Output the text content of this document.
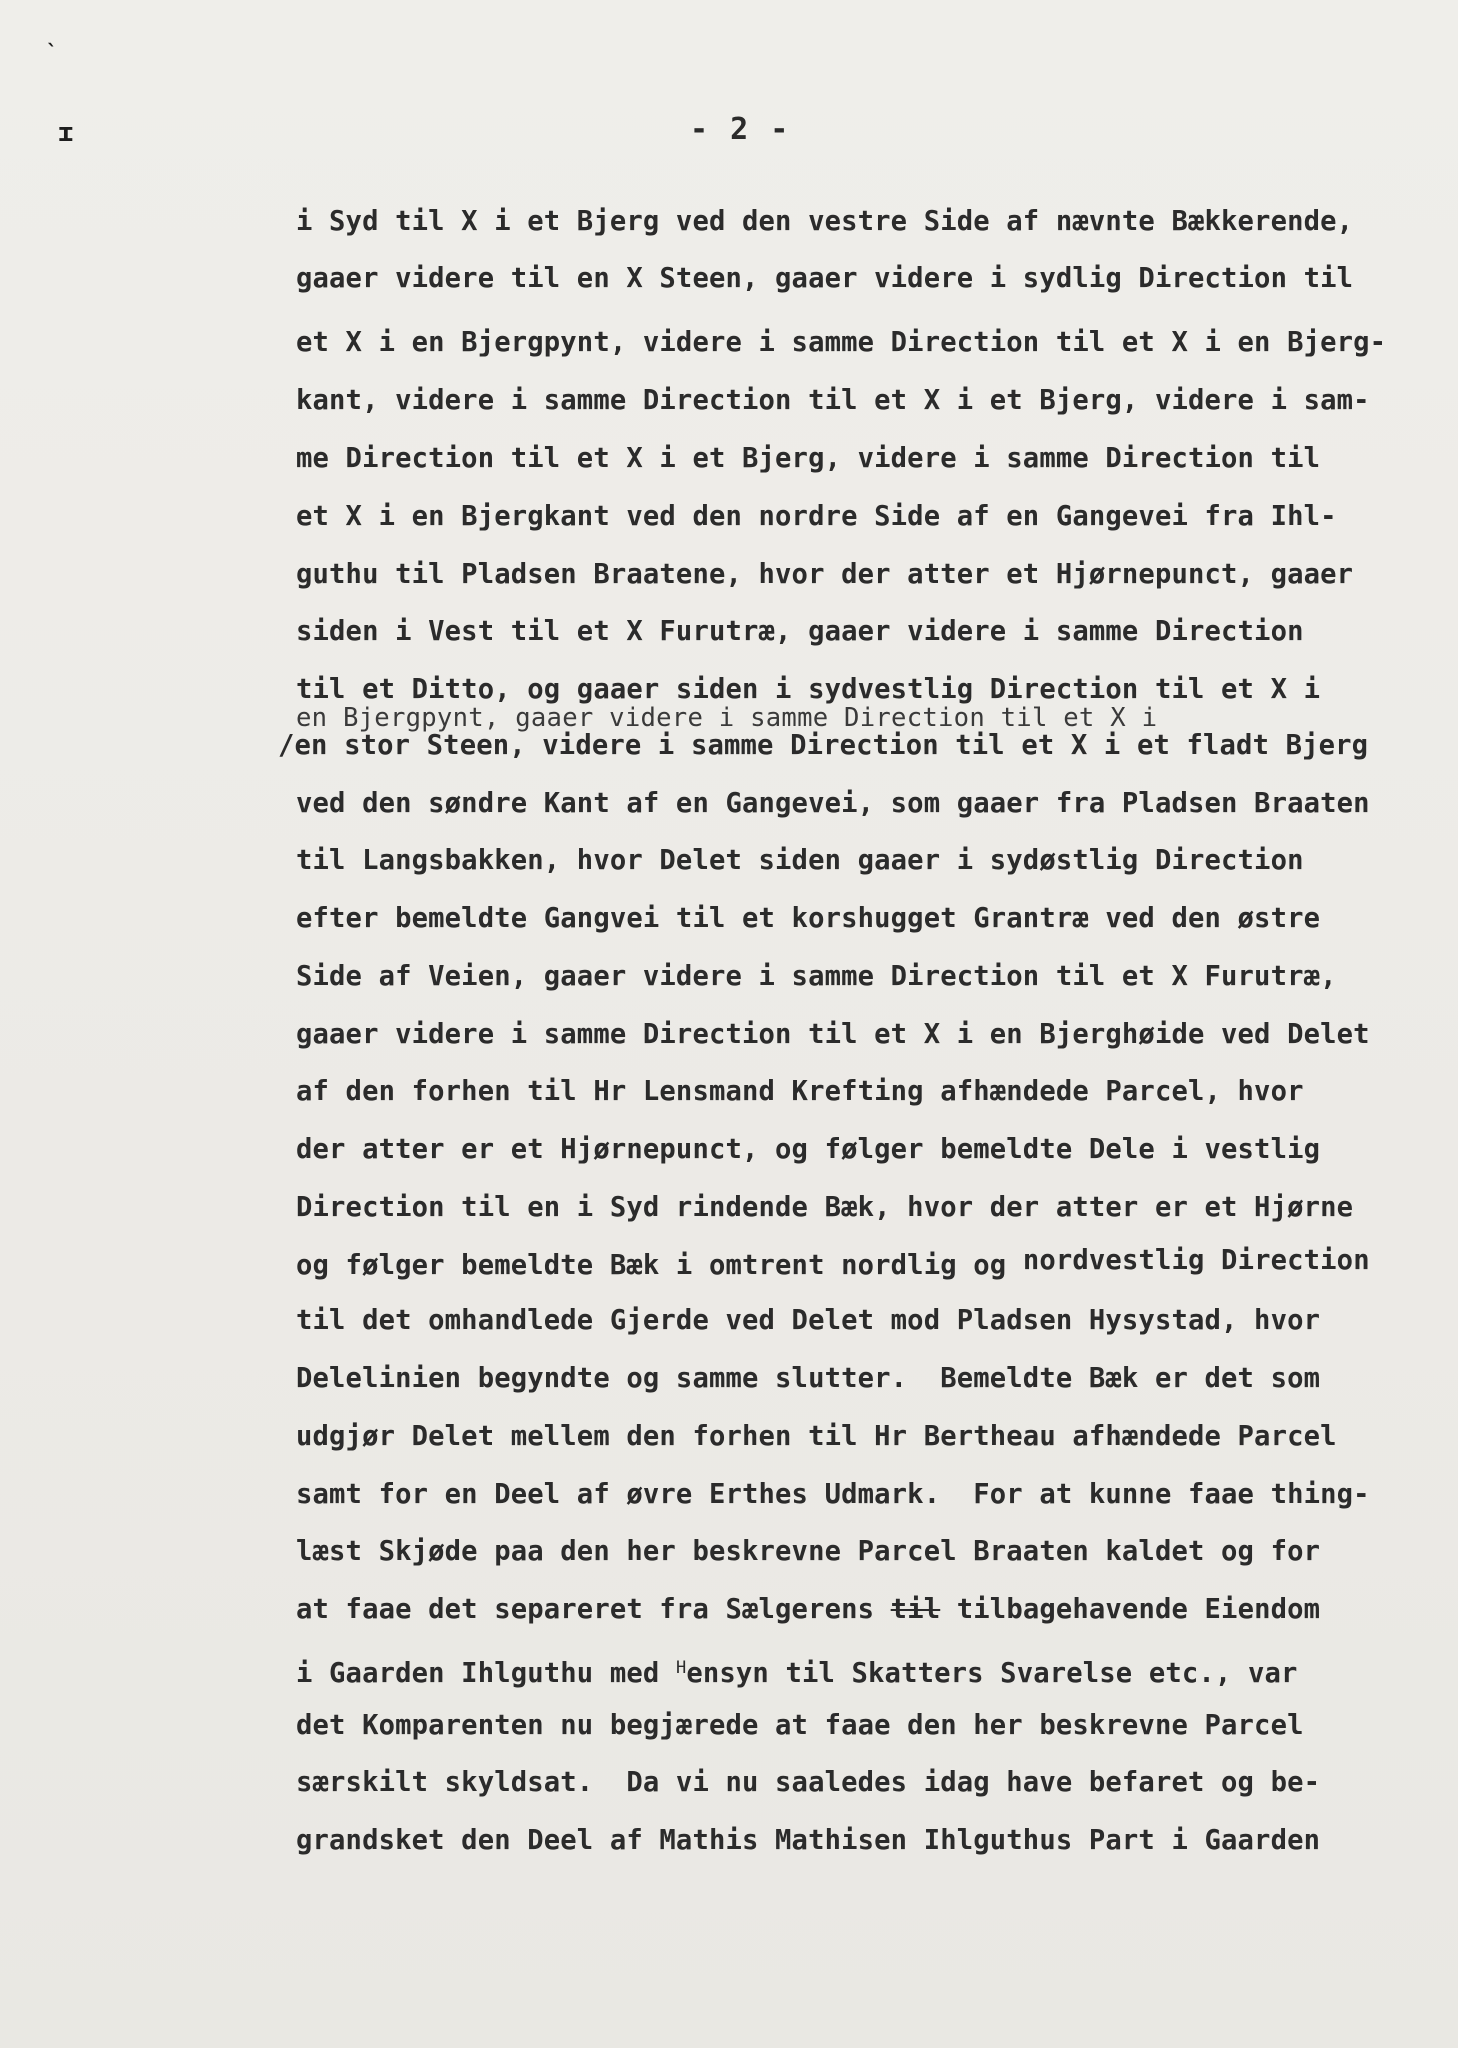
`
ɪ	- 2 -
i Syd til X i et Bjerg ved den vestre Side af nævnte Bækkerende,
gaaer videre til en X Steen, gaaer videre i sydlig Direction til
et X i en Bjergpynt, videre i samme Direction til et X i en Bjerg-
kant, videre i samme Direction til et X i et Bjerg, videre i sam-
me Direction til et X i et Bjerg, videre i samme Direction til
et X i en Bjergkant ved den nordre Side af en Gangevei fra Ihl-
guthu til Pladsen Braatene, hvor der atter et Hjørnepunct, gaaer
siden i Vest til et X Furutræ, gaaer videre i samme Direction
til et Ditto, og gaaer siden i sydvestlig Direction til et X i
en Bjergpynt, gaaer videre i samme Direction til et X i
/en stor Steen, videre i samme Direction til et X i et fladt Bjerg
ved den søndre Kant af en Gangevei, som gaaer fra Pladsen Braaten
til Langsbakken, hvor Delet siden gaaer i sydøstlig Direction
efter bemeldte Gangvei til et korshugget Grantræ ved den østre
Side af Veien, gaaer videre i samme Direction til et X Furutræ,
gaaer videre i samme Direction til et X i en Bjerghøide ved Delet
af den forhen til Hr Lensmand Krefting afhændede Parcel, hvor
der atter er et Hjørnepunct, og følger bemeldte Dele i vestlig
Direction til en i Syd rindende Bæk, hvor der atter er et Hjørne
og følger bemeldte Bæk i omtrent nordlig og nordvestlig Direction
til det omhandlede Gjerde ved Delet mod Pladsen Hysystad, hvor
Delelinien begyndte og samme slutter.  Bemeldte Bæk er det som
udgjør Delet mellem den forhen til Hr Bertheau afhændede Parcel
samt for en Deel af øvre Erthes Udmark.  For at kunne faae thing-
læst Skjøde paa den her beskrevne Parcel Braaten kaldet og for
at faae det separeret fra Sælgerens til tilbagehavende Eiendom
i Gaarden Ihlguthu med $^H$ensyn til Skatters Svarelse etc., var
det Komparenten nu begjærede at faae den her beskrevne Parcel
særskilt skyldsat.  Da vi nu saaledes idag have befaret og be-
grandsket den Deel af Mathis Mathisen Ihlguthus Part i Gaarden
